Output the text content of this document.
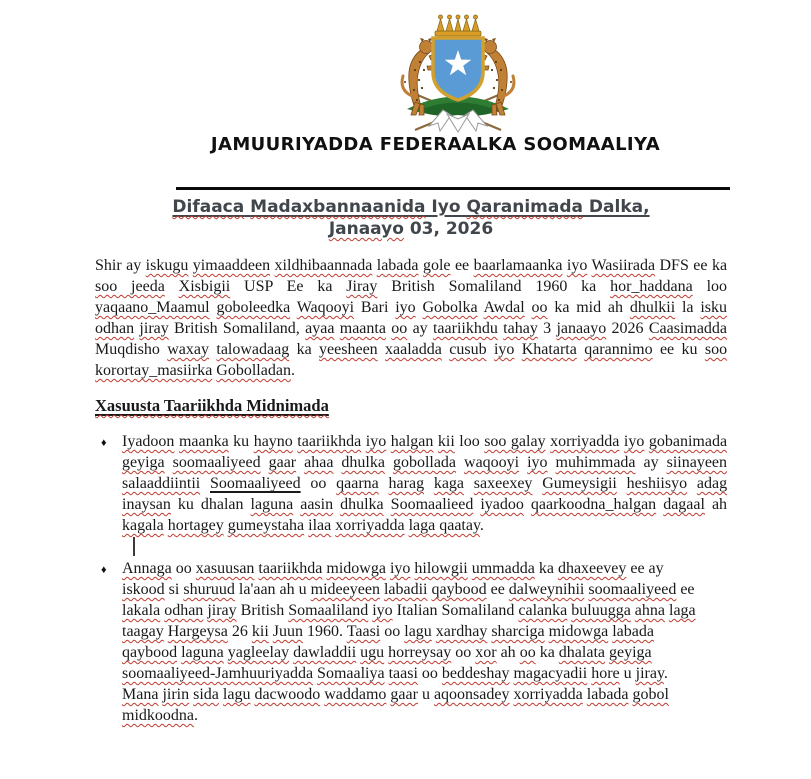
JAMUURIYADDA FEDERAALKA SOOMAALIYA
Difaaca Madaxbannaanida Iyo Qaranimada Dalka,
Janaayo 03, 2026

Shir ay iskugu yimaaddeen xildhibaannada labada gole ee baarlamaanka iyo Wasiirada DFS ee ka soo jeeda Xisbigii USP Ee ka Jiray British Somaliland 1960 ka hor_haddana loo yaqaano_Maamul goboleedka Waqooyi Bari iyo Gobolka Awdal oo ka mid ah dhulkii la isku odhan jiray British Somaliland, ayaa maanta oo ay taariikhdu tahay 3 janaayo 2026 Caasimadda Muqdisho waxay talowadaag ka yeesheen xaaladda cusub iyo Khatarta qarannimo ee ku soo korortay_masiirka Gobolladan.

Xasuusta Taariikhda Midnimada
♦ Iyadoon maanka ku hayno taariikhda iyo halgan kii loo soo galay xorriyadda iyo gobanimada geyiga soomaaliyeed gaar ahaa dhulka gobollada waqooyi iyo muhimmada ay siinayeen salaaddiintii Soomaaliyeed oo qaarna harag kaga saxeexey Gumeysigii heshiisyo adag inaysan ku dhalan laguna aasin dhulka Soomaalieed iyadoo qaarkoodna_halgan dagaal ah kagala hortagey gumeystaha ilaa xorriyadda laga qaatay.

♦ Annaga oo xasuusan taariikhda midowga iyo hilowgii ummadda ka dhaxeevey ee ay iskood si shuruud la'aan ah u mideeyeen labadii qaybood ee dalweynihii soomaaliyeed ee lakala odhan jiray British Somaaliland iyo Italian Somaliland calanka buluugga ahna laga taagay Hargeysa 26 kii Juun 1960. Taasi oo lagu xardhay sharciga midowga labada qaybood laguna yagleelay dawladdii ugu horreysay oo xor ah oo ka dhalata geyiga soomaaliyeed-Jamhuuriyadda Somaaliya taasi oo beddeshay magacyadii hore u jiray. Mana jirin sida lagu dacwoodo waddamo gaar u aqoonsadey xorriyadda labada gobol midkoodna.
